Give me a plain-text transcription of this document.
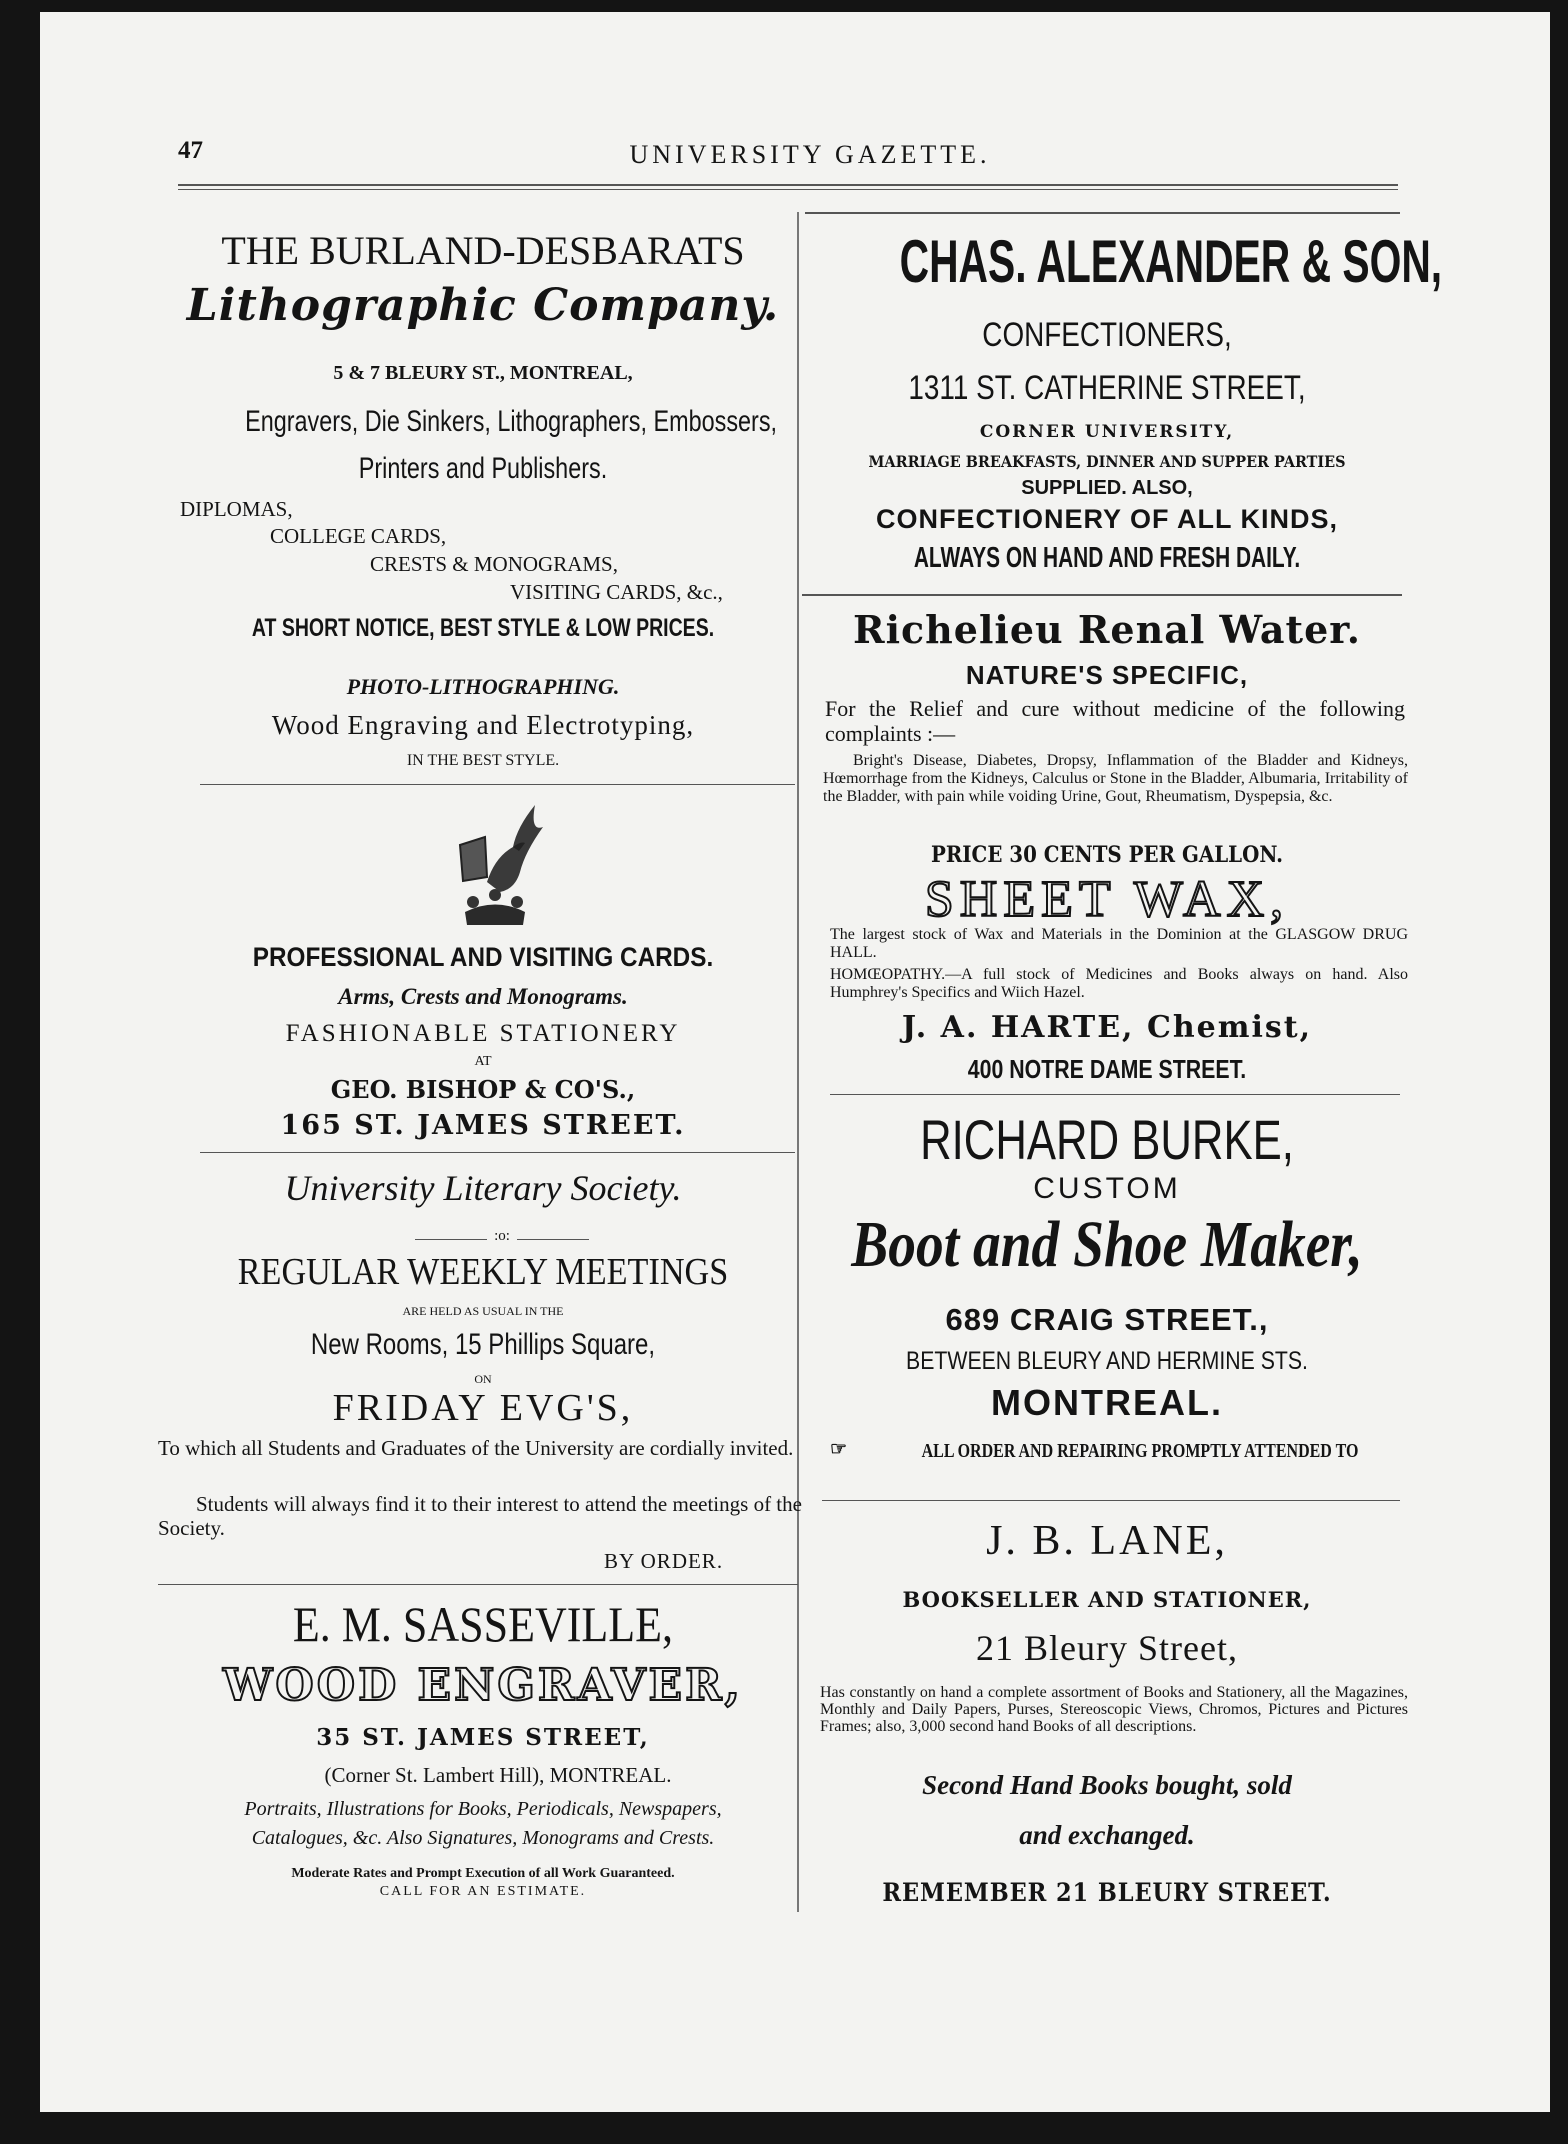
47	UNIVERSITY GAZETTE.
THE BURLAND-DESBARATS
Lithographic Company.
5 & 7 BLEURY ST., MONTREAL,
Engravers, Die Sinkers, Lithographers, Embossers,
Printers and Publishers.
DIPLOMAS,
COLLEGE CARDS,
CRESTS & MONOGRAMS,
VISITING CARDS, &c.,
AT SHORT NOTICE, BEST STYLE & LOW PRICES.
PHOTO-LITHOGRAPHING.
Wood Engraving and Electrotyping,
IN THE BEST STYLE.
PROFESSIONAL AND VISITING CARDS.
Arms, Crests and Monograms.
FASHIONABLE STATIONERY
AT
GEO. BISHOP & CO'S.,
165 ST. JAMES STREET.
University Literary Society.
:o:
REGULAR WEEKLY MEETINGS
ARE HELD AS USUAL IN THE
New Rooms, 15 Phillips Square,
ON
FRIDAY EVG'S,
To which all Students and Graduates of the University are cordially invited.
Students will always find it to their interest to attend the meetings of the Society.
BY ORDER.
E. M. SASSEVILLE,
WOOD ENGRAVER,
35 ST. JAMES STREET,
(Corner St. Lambert Hill), MONTREAL.
Portraits, Illustrations for Books, Periodicals, Newspapers,
Catalogues, &c. Also Signatures, Monograms and Crests.
Moderate Rates and Prompt Execution of all Work Guaranteed.
CALL FOR AN ESTIMATE.
CHAS. ALEXANDER & SON,
CONFECTIONERS,
1311 ST. CATHERINE STREET,
CORNER UNIVERSITY,
MARRIAGE BREAKFASTS, DINNER AND SUPPER PARTIES
SUPPLIED. ALSO,
CONFECTIONERY OF ALL KINDS,
ALWAYS ON HAND AND FRESH DAILY.
Richelieu Renal Water.
NATURE'S SPECIFIC,
For the Relief and cure without medicine of the following complaints :—
Bright's Disease, Diabetes, Dropsy, Inflammation of the Bladder and Kidneys, Hœmorrhage from the Kidneys, Calculus or Stone in the Bladder, Albumaria, Irritability of the Bladder, with pain while voiding Urine, Gout, Rheumatism, Dyspepsia, &c.
PRICE 30 CENTS PER GALLON.
SHEET WAX,
The largest stock of Wax and Materials in the Dominion at the GLASGOW DRUG HALL.
HOMŒOPATHY.—A full stock of Medicines and Books always on hand. Also Humphrey's Specifics and Wiich Hazel.
J. A. HARTE, Chemist,
400 NOTRE DAME STREET.
RICHARD BURKE,
CUSTOM
Boot and Shoe Maker,
689 CRAIG STREET.,
BETWEEN BLEURY AND HERMINE STS.
MONTREAL.
☞	ALL ORDER AND REPAIRING PROMPTLY ATTENDED TO
J. B. LANE,
BOOKSELLER AND STATIONER,
21 Bleury Street,
Has constantly on hand a complete assortment of Books and Stationery, all the Magazines, Monthly and Daily Papers, Purses, Stereoscopic Views, Chromos, Pictures and Pictures Frames; also, 3,000 second hand Books of all descriptions.
Second Hand Books bought, sold
and exchanged.
REMEMBER 21 BLEURY STREET.
